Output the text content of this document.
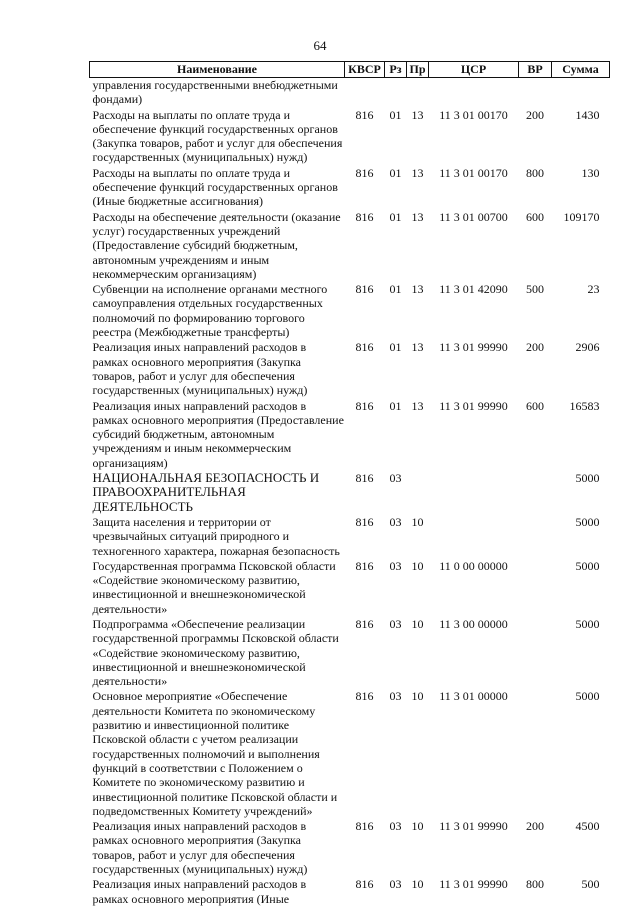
64
Наименование	КВСР	Рз	Пр	ЦСР	ВР	Сумма
управления государственными внебюджетными фондами)						
Расходы на выплаты по оплате труда и обеспечение функций государственных органов (Закупка товаров, работ и услуг для обеспечения государственных (муниципальных) нужд)	816	01	13	11 3 01 00170	200	1430
Расходы на выплаты по оплате труда и обеспечение функций государственных органов (Иные бюджетные ассигнования)	816	01	13	11 3 01 00170	800	130
Расходы на обеспечение деятельности (оказание услуг) государственных учреждений (Предоставление субсидий бюджетным, автономным учреждениям и иным некоммерческим организациям)	816	01	13	11 3 01 00700	600	109170
Субвенции на исполнение органами местного самоуправления отдельных государственных полномочий по формированию торгового реестра (Межбюджетные трансферты)	816	01	13	11 3 01 42090	500	23
Реализация иных направлений расходов в рамках основного мероприятия (Закупка товаров, работ и услуг для обеспечения государственных (муниципальных) нужд)	816	01	13	11 3 01 99990	200	2906
Реализация иных направлений расходов в рамках основного мероприятия (Предоставление субсидий бюджетным, автономным учреждениям и иным некоммерческим организациям)	816	01	13	11 3 01 99990	600	16583
НАЦИОНАЛЬНАЯ БЕЗОПАСНОСТЬ И ПРАВООХРАНИТЕЛЬНАЯ ДЕЯТЕЛЬНОСТЬ	816	03				5000
Защита населения и территории от чрезвычайных ситуаций природного и техногенного характера, пожарная безопасность	816	03	10			5000
Государственная программа Псковской области «Содействие экономическому развитию, инвестиционной и внешнеэкономической деятельности»	816	03	10	11 0 00 00000		5000
Подпрограмма «Обеспечение реализации государственной программы Псковской области «Содействие экономическому развитию, инвестиционной и внешнеэкономической деятельности»	816	03	10	11 3 00 00000		5000
Основное мероприятие «Обеспечение деятельности Комитета по экономическому развитию и инвестиционной политике Псковской области с учетом реализации государственных полномочий и выполнения функций в соответствии с Положением о Комитете по экономическому развитию и инвестиционной политике Псковской области и подведомственных Комитету учреждений»	816	03	10	11 3 01 00000		5000
Реализация иных направлений расходов в рамках основного мероприятия (Закупка товаров, работ и услуг для обеспечения государственных (муниципальных) нужд)	816	03	10	11 3 01 99990	200	4500
Реализация иных направлений расходов в рамках основного мероприятия (Иные	816	03	10	11 3 01 99990	800	500
